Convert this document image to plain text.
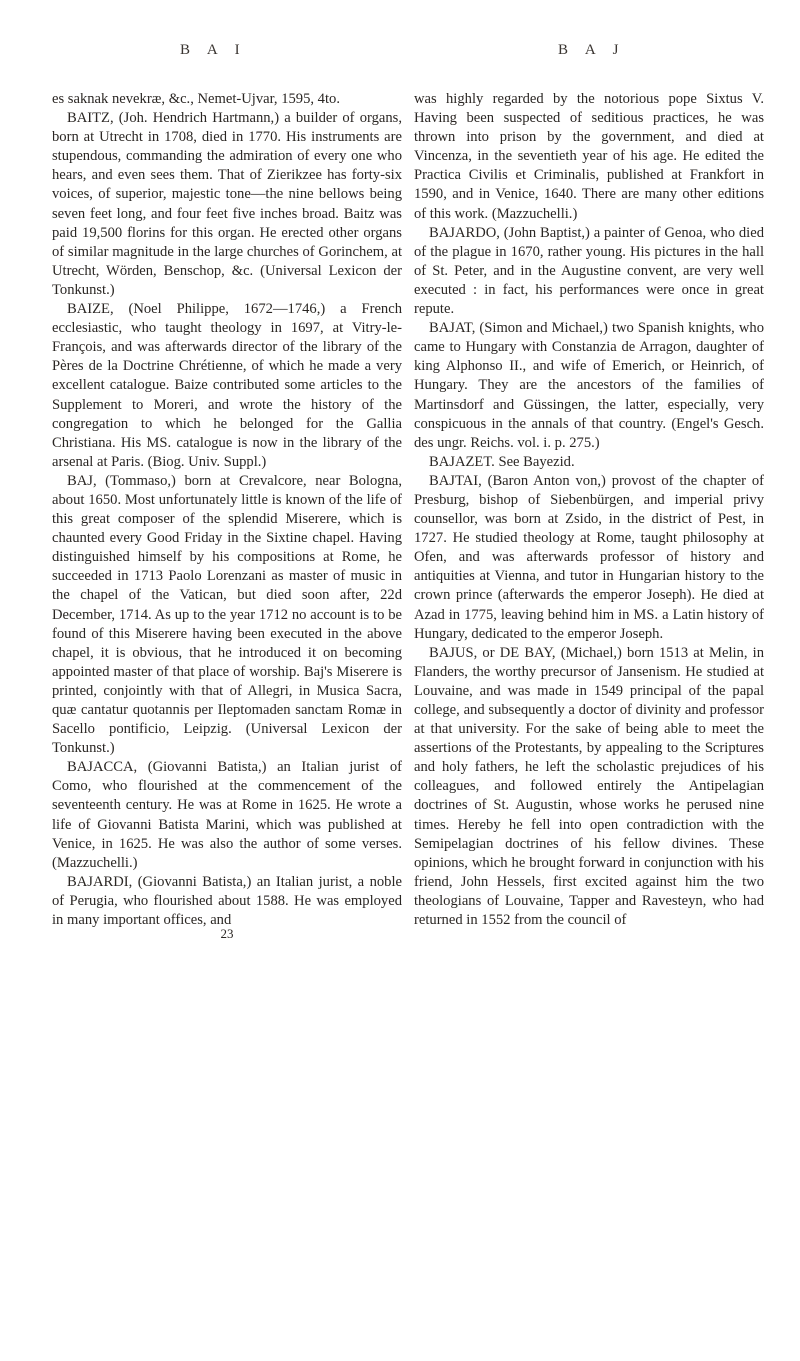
B A I	B A J

es saknak nevekræ, &c., Nemet-Ujvar, 1595, 4to.

BAITZ, (Joh. Hendrich Hartmann,) a builder of organs, born at Utrecht in 1708, died in 1770. His instruments are stupendous, commanding the admiration of every one who hears, and even sees them. That of Zierikzee has forty-six voices, of superior, majestic tone—the nine bellows being seven feet long, and four feet five inches broad. Baitz was paid 19,500 florins for this organ. He erected other organs of similar magnitude in the large churches of Gorinchem, at Utrecht, Wörden, Benschop, &c. (Universal Lexicon der Tonkunst.)

BAIZE, (Noel Philippe, 1672—1746,) a French ecclesiastic, who taught theology in 1697, at Vitry-le-François, and was afterwards director of the library of the Pères de la Doctrine Chrétienne, of which he made a very excellent catalogue. Baize contributed some articles to the Supplement to Moreri, and wrote the history of the congregation to which he belonged for the Gallia Christiana. His MS. catalogue is now in the library of the arsenal at Paris. (Biog. Univ. Suppl.)

BAJ, (Tommaso,) born at Crevalcore, near Bologna, about 1650. Most unfortunately little is known of the life of this great composer of the splendid Miserere, which is chaunted every Good Friday in the Sixtine chapel. Having distinguished himself by his compositions at Rome, he succeeded in 1713 Paolo Lorenzani as master of music in the chapel of the Vatican, but died soon after, 22d December, 1714. As up to the year 1712 no account is to be found of this Miserere having been executed in the above chapel, it is obvious, that he introduced it on becoming appointed master of that place of worship. Baj's Miserere is printed, conjointly with that of Allegri, in Musica Sacra, quæ cantatur quotannis per Ileptomaden sanctam Romæ in Sacello pontificio, Leipzig. (Universal Lexicon der Tonkunst.)

BAJACCA, (Giovanni Batista,) an Italian jurist of Como, who flourished at the commencement of the seventeenth century. He was at Rome in 1625. He wrote a life of Giovanni Batista Marini, which was published at Venice, in 1625. He was also the author of some verses. (Mazzuchelli.)

BAJARDI, (Giovanni Batista,) an Italian jurist, a noble of Perugia, who flourished about 1588. He was employed in many important offices, and

23

was highly regarded by the notorious pope Sixtus V. Having been suspected of seditious practices, he was thrown into prison by the government, and died at Vincenza, in the seventieth year of his age. He edited the Practica Civilis et Criminalis, published at Frankfort in 1590, and in Venice, 1640. There are many other editions of this work. (Mazzuchelli.)

BAJARDO, (John Baptist,) a painter of Genoa, who died of the plague in 1670, rather young. His pictures in the hall of St. Peter, and in the Augustine convent, are very well executed : in fact, his performances were once in great repute.

BAJAT, (Simon and Michael,) two Spanish knights, who came to Hungary with Constanzia de Arragon, daughter of king Alphonso II., and wife of Emerich, or Heinrich, of Hungary. They are the ancestors of the families of Martinsdorf and Güssingen, the latter, especially, very conspicuous in the annals of that country. (Engel's Gesch. des ungr. Reichs. vol. i. p. 275.)

BAJAZET. See Bayezid.

BAJTAI, (Baron Anton von,) provost of the chapter of Presburg, bishop of Siebenbürgen, and imperial privy counsellor, was born at Zsido, in the district of Pest, in 1727. He studied theology at Rome, taught philosophy at Ofen, and was afterwards professor of history and antiquities at Vienna, and tutor in Hungarian history to the crown prince (afterwards the emperor Joseph). He died at Azad in 1775, leaving behind him in MS. a Latin history of Hungary, dedicated to the emperor Joseph.

BAJUS, or DE BAY, (Michael,) born 1513 at Melin, in Flanders, the worthy precursor of Jansenism. He studied at Louvaine, and was made in 1549 principal of the papal college, and subsequently a doctor of divinity and professor at that university. For the sake of being able to meet the assertions of the Protestants, by appealing to the Scriptures and holy fathers, he left the scholastic prejudices of his colleagues, and followed entirely the Antipelagian doctrines of St. Augustin, whose works he perused nine times. Hereby he fell into open contradiction with the Semipelagian doctrines of his fellow divines. These opinions, which he brought forward in conjunction with his friend, John Hessels, first excited against him the two theologians of Louvaine, Tapper and Ravesteyn, who had returned in 1552 from the council of
